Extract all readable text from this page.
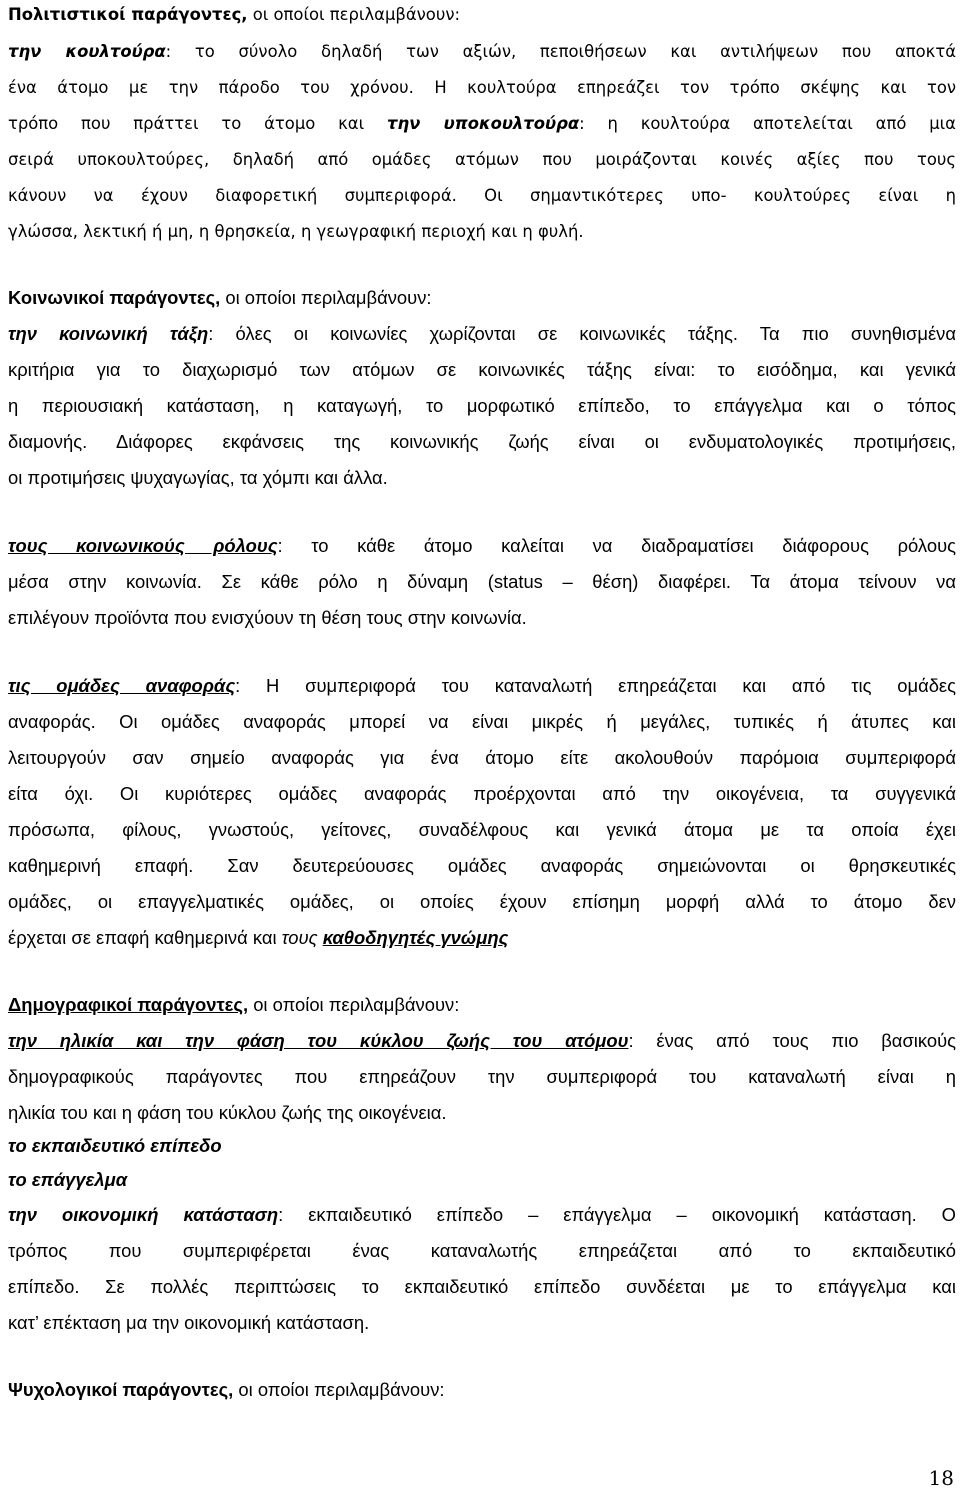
Πολιτιστικοί παράγοντες, οι οποίοι περιλαμβάνουν:
την κουλτούρα: το σύνολο δηλαδή των αξιών, πεποιθήσεων και αντιλήψεων που αποκτά
ένα άτομο με την πάροδο του χρόνου. Η κουλτούρα επηρεάζει τον τρόπο σκέψης και τον
τρόπο που πράττει το άτομο και την υποκουλτούρα: η κουλτούρα αποτελείται από μια
σειρά υποκουλτούρες, δηλαδή από ομάδες ατόμων που μοιράζονται κοινές αξίες που τους
κάνουν να έχουν διαφορετική συμπεριφορά. Οι σημαντικότερες υπο- κουλτούρες είναι η
γλώσσα, λεκτική ή μη, η θρησκεία, η γεωγραφική περιοχή και η φυλή.
Κοινωνικοί παράγοντες, οι οποίοι περιλαμβάνουν:
την κοινωνική τάξη: όλες οι κοινωνίες χωρίζονται σε κοινωνικές τάξης. Τα πιο συνηθισμένα
κριτήρια για το διαχωρισμό των ατόμων σε κοινωνικές τάξης είναι: το εισόδημα, και γενικά
η περιουσιακή κατάσταση, η καταγωγή, το μορφωτικό επίπεδο, το επάγγελμα και ο τόπος
διαμονής. Διάφορες εκφάνσεις της κοινωνικής ζωής είναι οι ενδυματολογικές προτιμήσεις,
οι προτιμήσεις ψυχαγωγίας, τα χόμπι και άλλα.
τους κοινωνικούς ρόλους: το κάθε άτομο καλείται να διαδραματίσει διάφορους ρόλους
μέσα στην κοινωνία. Σε κάθε ρόλο η δύναμη (status – θέση) διαφέρει. Τα άτομα τείνουν να
επιλέγουν προϊόντα που ενισχύουν τη θέση τους στην κοινωνία.
τις ομάδες αναφοράς: Η συμπεριφορά του καταναλωτή επηρεάζεται και από τις ομάδες
αναφοράς. Οι ομάδες αναφοράς μπορεί να είναι μικρές ή μεγάλες, τυπικές ή άτυπες και
λειτουργούν σαν σημείο αναφοράς για ένα άτομο είτε ακολουθούν παρόμοια συμπεριφορά
είτα όχι. Οι κυριότερες ομάδες αναφοράς προέρχονται από την οικογένεια, τα συγγενικά
πρόσωπα, φίλους, γνωστούς, γείτονες, συναδέλφους και γενικά άτομα με τα οποία έχει
καθημερινή επαφή. Σαν δευτερεύουσες ομάδες αναφοράς σημειώνονται οι θρησκευτικές
ομάδες, οι επαγγελματικές ομάδες, οι οποίες έχουν επίσημη μορφή αλλά το άτομο δεν
έρχεται σε επαφή καθημερινά και τους καθοδηγητές γνώμης
Δημογραφικοί παράγοντες, οι οποίοι περιλαμβάνουν:
την ηλικία και την φάση του κύκλου ζωής του ατόμου: ένας από τους πιο βασικούς
δημογραφικούς παράγοντες που επηρεάζουν την συμπεριφορά του καταναλωτή είναι η
ηλικία του και η φάση του κύκλου ζωής της οικογένεια.
το εκπαιδευτικό επίπεδο
το επάγγελμα
την οικονομική κατάσταση: εκπαιδευτικό επίπεδο – επάγγελμα – οικονομική κατάσταση. Ο
τρόπος που συμπεριφέρεται ένας καταναλωτής επηρεάζεται από το εκπαιδευτικό
επίπεδο. Σε πολλές περιπτώσεις το εκπαιδευτικό επίπεδο συνδέεται με το επάγγελμα και
κατ’ επέκταση μα την οικονομική κατάσταση.
Ψυχολογικοί παράγοντες, οι οποίοι περιλαμβάνουν:
18
